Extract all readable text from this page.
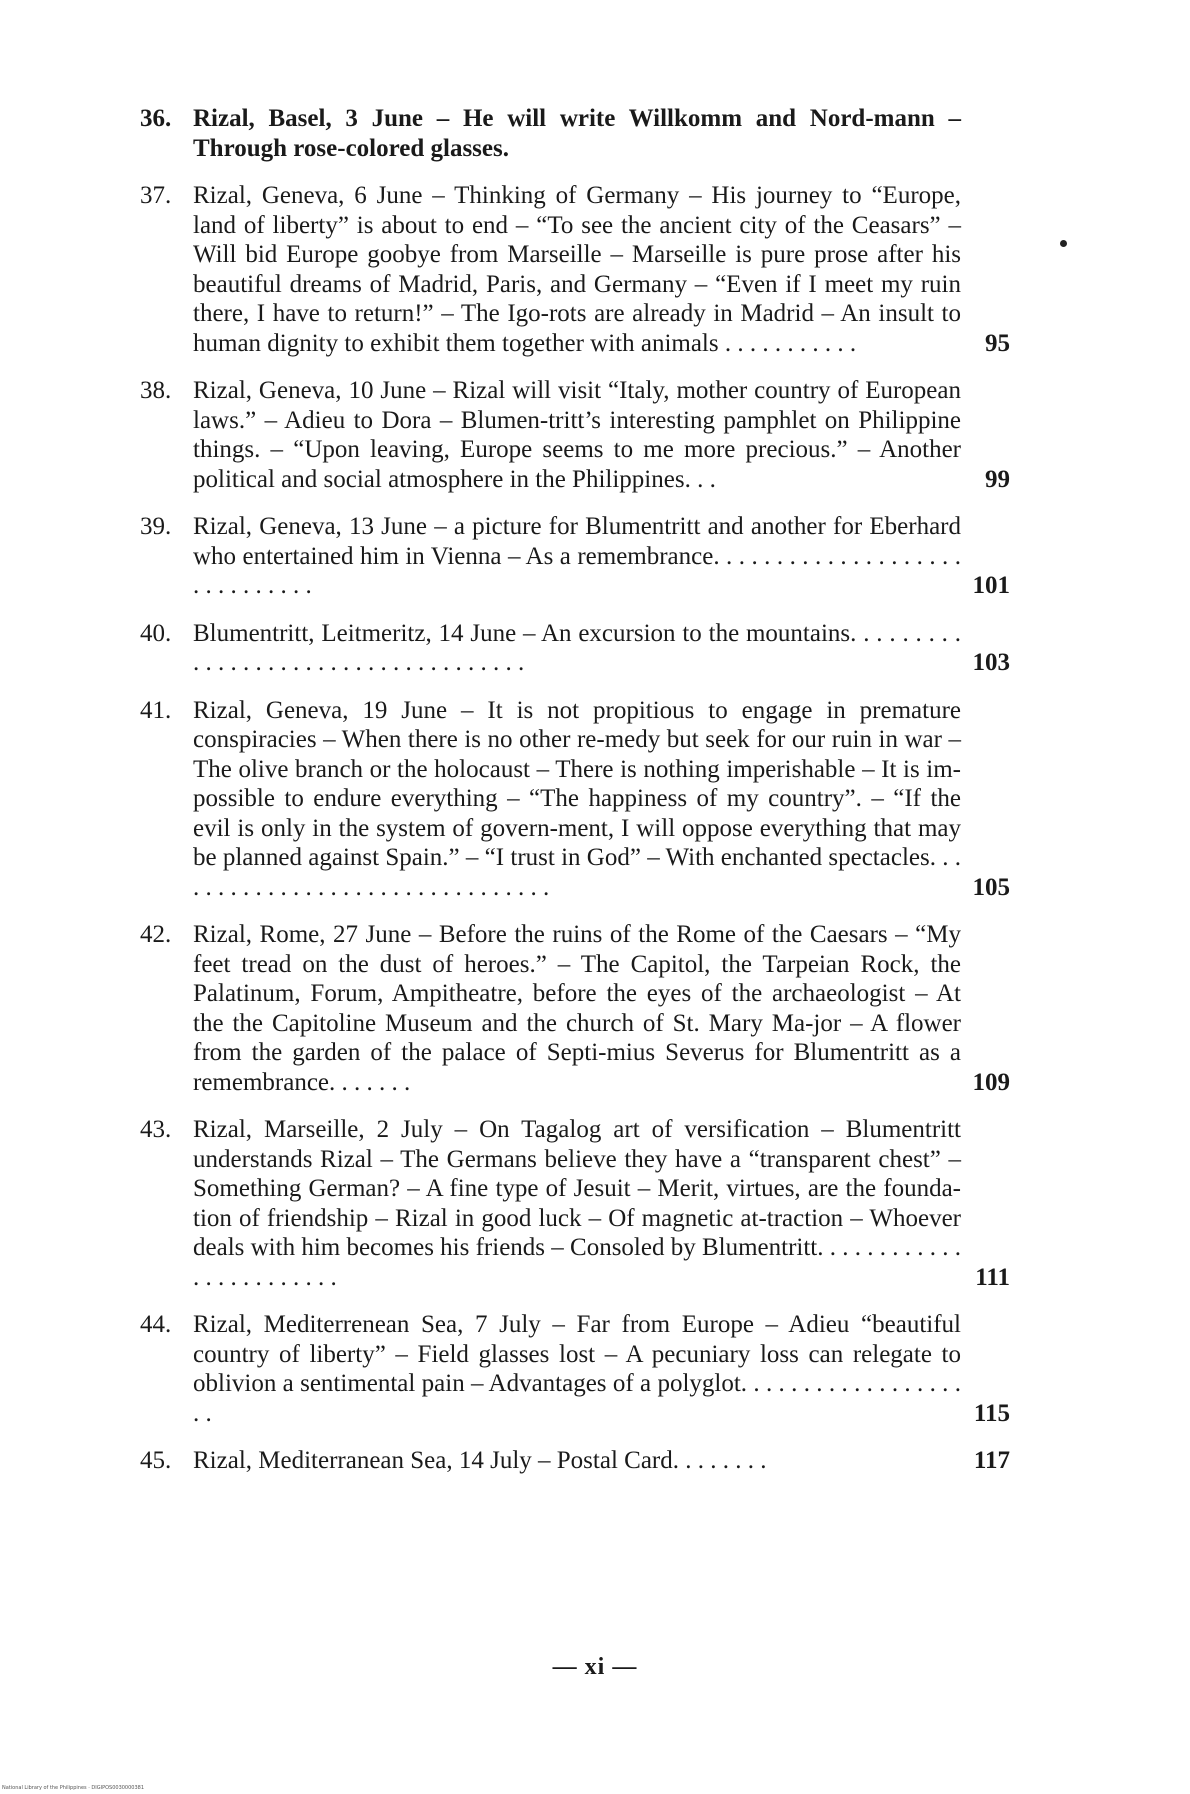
36. Rizal, Basel, 3 June – He will write Willkomm and Nord-mann – Through rose-colored glasses.
37. Rizal, Geneva, 6 June – Thinking of Germany – His journey to “Europe, land of liberty” is about to end – “To see the ancient city of the Ceasars” – Will bid Europe goobye from Marseille – Marseille is pure prose after his beautiful dreams of Madrid, Paris, and Germany – “Even if I meet my ruin there, I have to return!” – The Igo-rots are already in Madrid – An insult to human dignity to exhibit them together with animals . . . . . . . . . . .	95
38. Rizal, Geneva, 10 June – Rizal will visit “Italy, mother country of European laws.” – Adieu to Dora – Blumen-tritt’s interesting pamphlet on Philippine things. – “Upon leaving, Europe seems to me more precious.” – Another political and social atmosphere in the Philippines. . .	99
39. Rizal, Geneva, 13 June – a picture for Blumentritt and another for Eberhard who entertained him in Vienna – As a remembrance. . . . . . . . . . . . . . . . . . . . . . . . . . . . . .	101
40. Blumentritt, Leitmeritz, 14 June – An excursion to the mountains. . . . . . . . . . . . . . . . . . . . . . . . . . . . . . . . . . . .	103
41. Rizal, Geneva, 19 June – It is not propitious to engage in premature conspiracies – When there is no other re-medy but seek for our ruin in war – The olive branch or the holocaust – There is nothing imperishable – It is im-possible to endure everything – “The happiness of my country”. – “If the evil is only in the system of govern-ment, I will oppose everything that may be planned against Spain.” – “I trust in God” – With enchanted spectacles. . . . . . . . . . . . . . . . . . . . . . . . . . . . . . . .	105
42. Rizal, Rome, 27 June – Before the ruins of the Rome of the Caesars – “My feet tread on the dust of heroes.” – The Capitol, the Tarpeian Rock, the Palatinum, Forum, Ampitheatre, before the eyes of the archaeologist – At the the Capitoline Museum and the church of St. Mary Ma-jor – A flower from the garden of the palace of Septi-mius Severus for Blumentritt as a remembrance. . . . . . .	109
43. Rizal, Marseille, 2 July – On Tagalog art of versification – Blumentritt understands Rizal – The Germans believe they have a “transparent chest” – Something German? – A fine type of Jesuit – Merit, virtues, are the founda-tion of friendship – Rizal in good luck – Of magnetic at-traction – Whoever deals with him becomes his friends – Consoled by Blumentritt. . . . . . . . . . . . . . . . . . . . . . . .	111
44. Rizal, Mediterrenean Sea, 7 July – Far from Europe – Adieu “beautiful country of liberty” – Field glasses lost – A pecuniary loss can relegate to oblivion a sentimental pain – Advantages of a polyglot. . . . . . . . . . . . . . . . . . . .	115
45. Rizal, Mediterranean Sea, 14 July – Postal Card. . . . . . . .	117
— xi —
National Library of the Philippines · DIGIPOS0030000381
